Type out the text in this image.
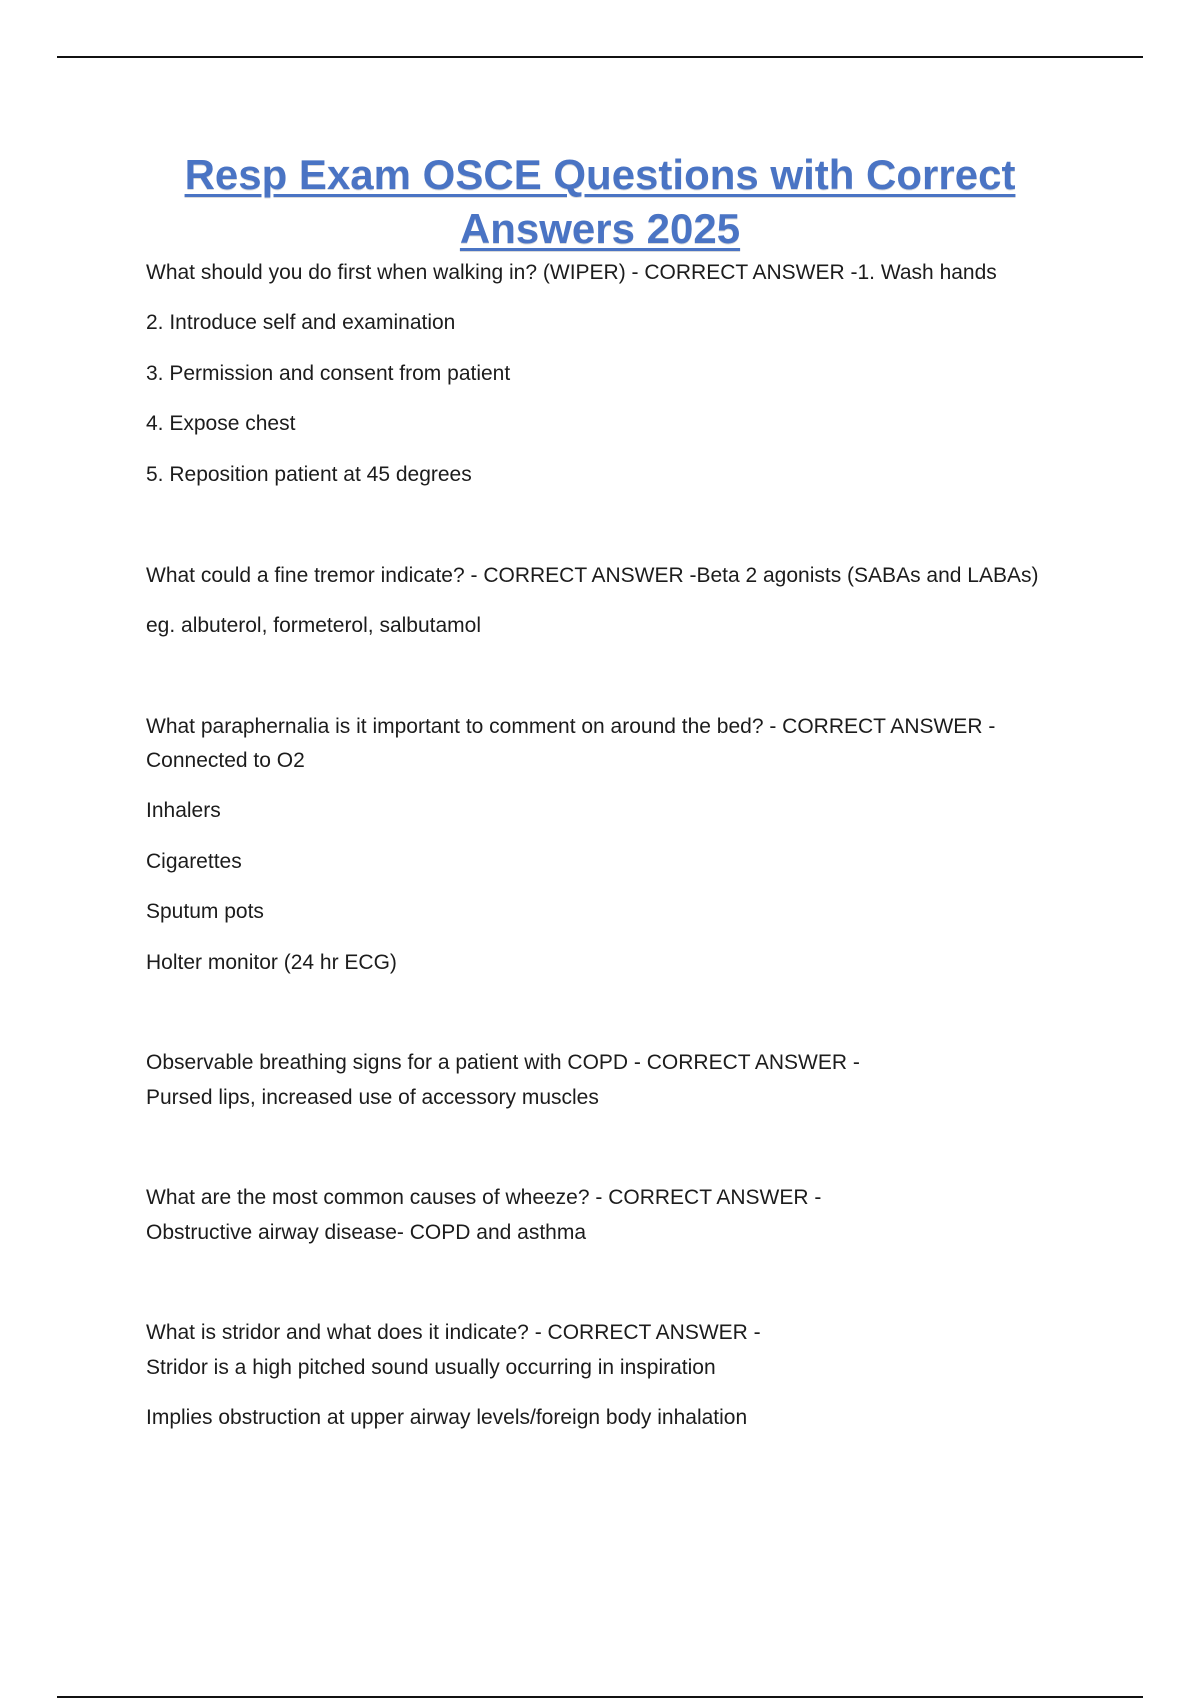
Resp Exam OSCE Questions with Correct
Answers 2025

What should you do first when walking in? (WIPER) - CORRECT ANSWER -1. Wash hands

2. Introduce self and examination

3. Permission and consent from patient

4. Expose chest

5. Reposition patient at 45 degrees

What could a fine tremor indicate? - CORRECT ANSWER -Beta 2 agonists (SABAs and LABAs)

eg. albuterol, formeterol, salbutamol

What paraphernalia is it important to comment on around the bed? - CORRECT ANSWER -

Connected to O2

Inhalers

Cigarettes

Sputum pots

Holter monitor (24 hr ECG)

Observable breathing signs for a patient with COPD - CORRECT ANSWER -

Pursed lips, increased use of accessory muscles

What are the most common causes of wheeze? - CORRECT ANSWER -

Obstructive airway disease- COPD and asthma

What is stridor and what does it indicate? - CORRECT ANSWER -

Stridor is a high pitched sound usually occurring in inspiration

Implies obstruction at upper airway levels/foreign body inhalation
